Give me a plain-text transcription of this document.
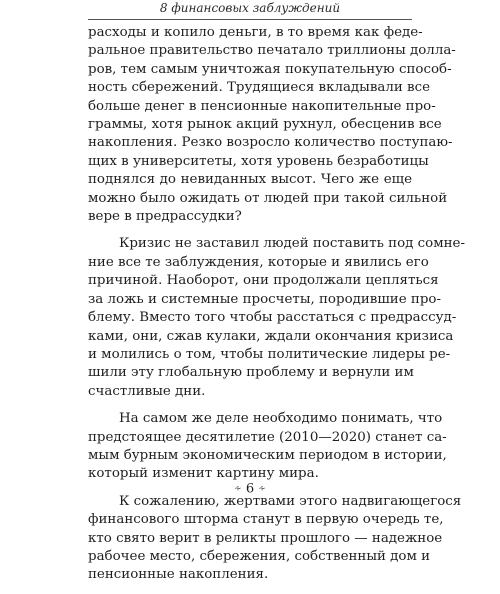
8 финансовых заблуждений

расходы и копило деньги, в то время как феде-
ральное правительство печатало триллионы долла-
ров, тем самым уничтожая покупательную способ-
ность сбережений. Трудящиеся вкладывали все
больше денег в пенсионные накопительные про-
граммы, хотя рынок акций рухнул, обесценив все
накопления. Резко возросло количество поступаю-
щих в университеты, хотя уровень безработицы
поднялся до невиданных высот. Чего же еще
можно было ожидать от людей при такой сильной
вере в предрассудки?

Кризис не заставил людей поставить под сомне-
ние все те заблуждения, которые и явились его
причиной. Наоборот, они продолжали цепляться
за ложь и системные просчеты, породившие про-
блему. Вместо того чтобы расстаться с предрассуд-
ками, они, сжав кулаки, ждали окончания кризиса
и молились о том, чтобы политические лидеры ре-
шили эту глобальную проблему и вернули им
счастливые дни.

На самом же деле необходимо понимать, что
предстоящее десятилетие (2010—2020) станет са-
мым бурным экономическим периодом в истории,
который изменит картину мира.

К сожалению, жертвами этого надвигающегося
финансового шторма станут в первую очередь те,
кто свято верит в реликты прошлого — надежное
рабочее место, сбережения, собственный дом и
пенсионные накопления.

∻ 6 ∻
